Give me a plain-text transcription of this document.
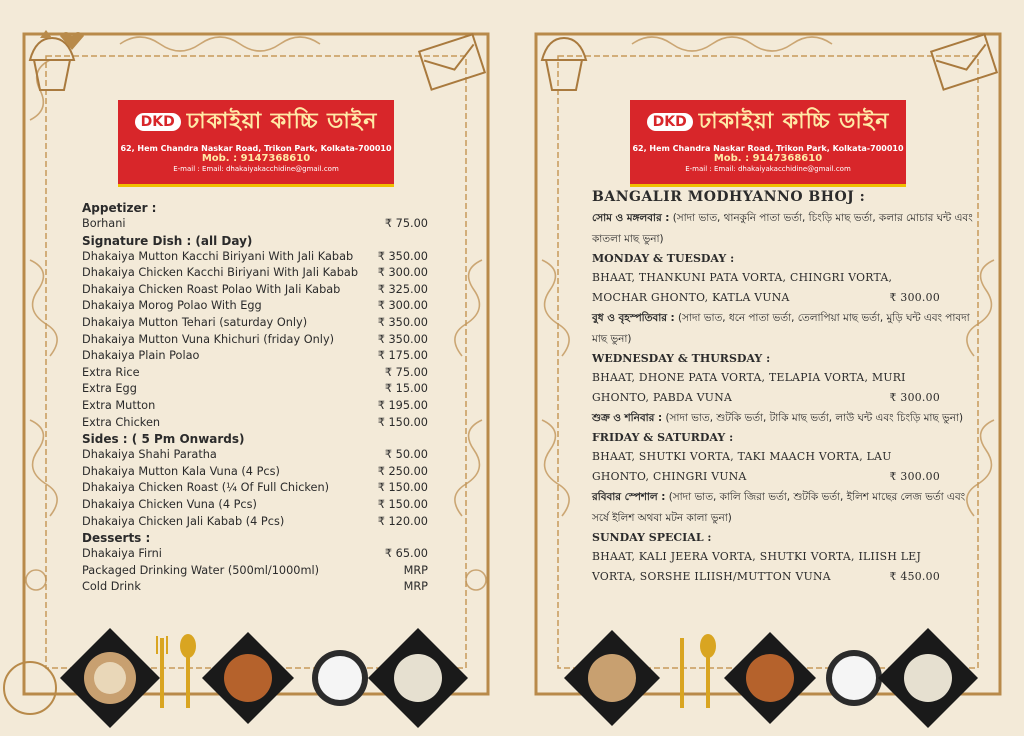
DKD ঢাকাইয়া কাচ্চি ডাইন
62, Hem Chandra Naskar Road, Trikon Park, Kolkata-700010
Mob. : 9147368610
E-mail : Email: dhakaiyakacchidine@gmail.com
Appetizer :
Borhani	₹ 75.00
Signature Dish : (all Day)
Dhakaiya Mutton Kacchi Biriyani With Jali Kabab ₹ 350.00
Dhakaiya Chicken Kacchi Biriyani With Jali Kabab ₹ 300.00
Dhakaiya Chicken Roast Polao With Jali Kabab	₹ 325.00
Dhakaiya Morog Polao With Egg	₹ 300.00
Dhakaiya Mutton Tehari (saturday Only)	₹ 350.00
Dhakaiya Mutton Vuna Khichuri (friday Only)	₹ 350.00
Dhakaiya Plain Polao	₹ 175.00
Extra Rice	₹ 75.00
Extra Egg	₹ 15.00
Extra Mutton	₹ 195.00
Extra Chicken	₹ 150.00
Sides : ( 5 Pm Onwards)
Dhakaiya Shahi Paratha	₹ 50.00
Dhakaiya Mutton Kala Vuna (4 Pcs)	₹ 250.00
Dhakaiya Chicken Roast (¼ Of Full Chicken)	₹ 150.00
Dhakaiya Chicken Vuna (4 Pcs)	₹ 150.00
Dhakaiya Chicken Jali Kabab (4 Pcs)	₹ 120.00
Desserts :
Dhakaiya Firni	₹ 65.00
Packaged Drinking Water (500ml/1000ml)	MRP
Cold Drink	MRP
DKD ঢাকাইয়া কাচ্চি ডাইন
62, Hem Chandra Naskar Road, Trikon Park, Kolkata-700010
Mob. : 9147368610
E-mail : Email: dhakaiyakacchidine@gmail.com
BANGALIR MODHYANNO BHOJ :
সোম ও মঙ্গলবার : (সাদা ভাত, থানকুনি পাতা ভর্তা, চিংড়ি মাছ ভর্তা, কলার মোচার ঘন্ট এবং কাতলা মাছ ভুনা)
MONDAY & TUESDAY :
BHAAT, THANKUNI PATA VORTA, CHINGRI VORTA,
MOCHAR GHONTO, KATLA VUNA	₹ 300.00
বুধ ও বৃহস্পতিবার : (সাদা ভাত, ধনে পাতা ভর্তা, তেলাপিয়া মাছ ভর্তা, মুড়ি ঘন্ট এবং পাবদা মাছ ভুনা)
WEDNESDAY & THURSDAY :
BHAAT, DHONE PATA VORTA, TELAPIA VORTA, MURI
GHONTO, PABDA VUNA	₹ 300.00
শুক্র ও শনিবার : (সাদা ভাত, শুটকি ভর্তা, টাকি মাছ ভর্তা, লাউ ঘন্ট এবং চিংড়ি মাছ ভুনা)
FRIDAY & SATURDAY :
BHAAT, SHUTKI VORTA, TAKI MAACH VORTA, LAU
GHONTO, CHINGRI VUNA	₹ 300.00
রবিবার স্পেশাল : (সাদা ভাত, কালি জিরা ভর্তা, শুটকি ভর্তা, ইলিশ মাছের লেজ ভর্তা এবং সর্ষে ইলিশ অথবা মটন কালা ভুনা)
SUNDAY SPECIAL :
BHAAT, KALI JEERA VORTA, SHUTKI VORTA, ILIISH LEJ
VORTA, SORSHE ILIISH/MUTTON VUNA	₹ 450.00
